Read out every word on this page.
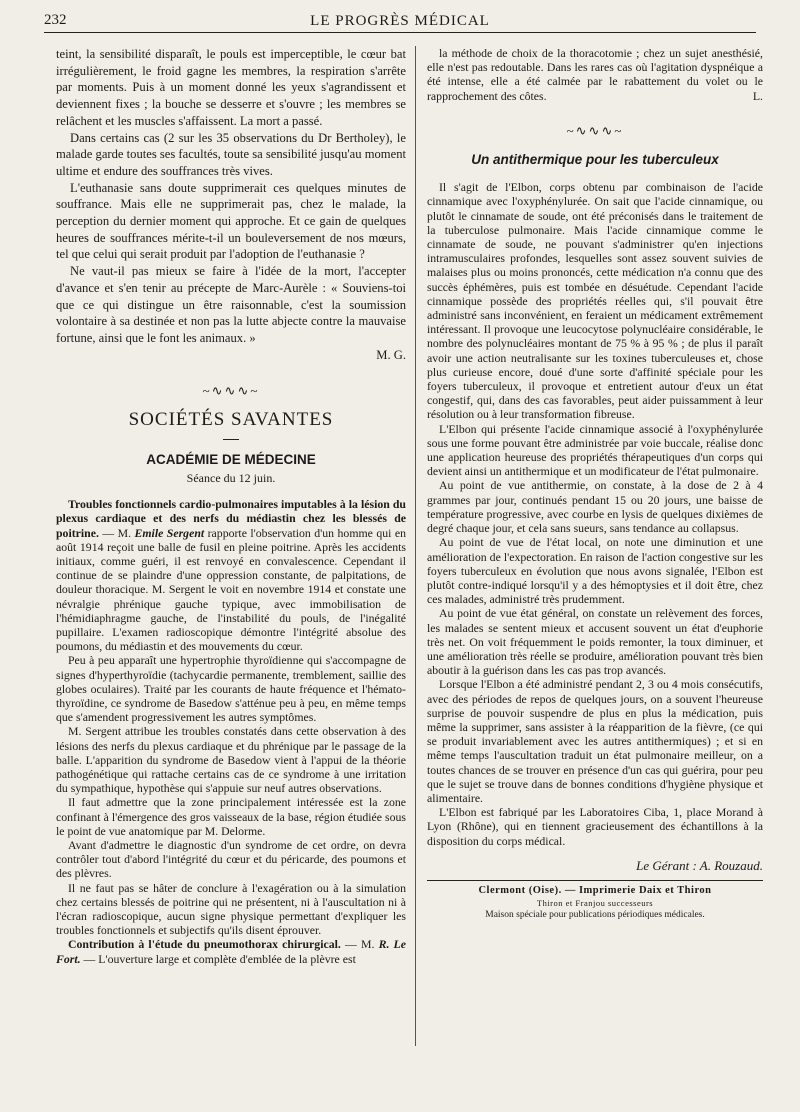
232	LE PROGRÈS MÉDICAL

teint, la sensibilité disparaît, le pouls est imperceptible, le cœur bat irrégulièrement, le froid gagne les membres, la respiration s'arrête par moments. Puis à un moment donné les yeux s'agrandissent et deviennent fixes ; la bouche se desserre et s'ouvre ; les membres se relâchent et les muscles s'affaissent. La mort a passé.

Dans certains cas (2 sur les 35 observations du Dr Bertholey), le malade garde toutes ses facultés, toute sa sensibilité jusqu'au moment ultime et endure des souffrances très vives.

L'euthanasie sans doute supprimerait ces quelques minutes de souffrance. Mais elle ne supprimerait pas, chez le malade, la perception du dernier moment qui approche. Et ce gain de quelques heures de souffrances mérite-t-il un bouleversement de nos mœurs, tel que celui qui serait produit par l'adoption de l'euthanasie ?

Ne vaut-il pas mieux se faire à l'idée de la mort, l'accepter d'avance et s'en tenir au précepte de Marc-Aurèle : « Souviens-toi que ce qui distingue un être raisonnable, c'est la soumission volontaire à sa destinée et non pas la lutte abjecte contre la mauvaise fortune, ainsi que le font les animaux. »

M. G.
~∿∿∿~
SOCIÉTÉS SAVANTES
ACADÉMIE DE MÉDECINE
Séance du 12 juin.

Troubles fonctionnels cardio-pulmonaires imputables à la lésion du plexus cardiaque et des nerfs du médiastin chez les blessés de poitrine. — M. Emile Sergent rapporte l'observation d'un homme qui en août 1914 reçoit une balle de fusil en pleine poitrine. Après les accidents initiaux, comme guéri, il est renvoyé en convalescence. Cependant il continue de se plaindre d'une oppression constante, de palpitations, de douleur thoracique. M. Sergent le voit en novembre 1914 et constate une névralgie phrénique gauche typique, avec immobilisation de l'hémidiaphragme gauche, de l'instabilité du pouls, de l'inégalité pupillaire. L'examen radioscopique démontre l'intégrité absolue des poumons, du médiastin et des mouvements du cœur.

Peu à peu apparaît une hypertrophie thyroïdienne qui s'accompagne de signes d'hyperthyroïdie (tachycardie permanente, tremblement, saillie des globes oculaires). Traité par les courants de haute fréquence et l'hémato-thyroïdine, ce syndrome de Basedow s'atténue peu à peu, en même temps que s'amendent progressivement les autres symptômes.

M. Sergent attribue les troubles constatés dans cette observation à des lésions des nerfs du plexus cardiaque et du phrénique par le passage de la balle. L'apparition du syndrome de Basedow vient à l'appui de la théorie pathogénétique qui rattache certains cas de ce syndrome à une irritation du sympathique, hypothèse qui s'appuie sur neuf autres observations.

Il faut admettre que la zone principalement intéressée est la zone confinant à l'émergence des gros vaisseaux de la base, région étudiée sous le point de vue anatomique par M. Delorme.

Avant d'admettre le diagnostic d'un syndrome de cet ordre, on devra contrôler tout d'abord l'intégrité du cœur et du péricarde, des poumons et des plèvres.

Il ne faut pas se hâter de conclure à l'exagération ou à la simulation chez certains blessés de poitrine qui ne présentent, ni à l'auscultation ni à l'écran radioscopique, aucun signe physique permettant d'expliquer les troubles fonctionnels et subjectifs qu'ils disent éprouver.

Contribution à l'étude du pneumothorax chirurgical. — M. R. Le Fort. — L'ouverture large et complète d'emblée de la plèvre est

la méthode de choix de la thoracotomie ; chez un sujet anesthésié, elle n'est pas redoutable. Dans les rares cas où l'agitation dyspnéique a été intense, elle a été calmée par le rabattement du volet ou le rapprochement des côtes.	L.

~∿∿∿~
Un antithermique pour les tuberculeux

Il s'agit de l'Elbon, corps obtenu par combinaison de l'acide cinnamique avec l'oxyphénylurée. On sait que l'acide cinnamique, ou plutôt le cinnamate de soude, ont été préconisés dans le traitement de la tuberculose pulmonaire. Mais l'acide cinnamique comme le cinnamate de soude, ne pouvant s'administrer qu'en injections intramusculaires profondes, lesquelles sont assez souvent suivies de malaises plus ou moins prononcés, cette médication n'a connu que des succès éphémères, puis est tombée en désuétude. Cependant l'acide cinnamique possède des propriétés réelles qui, s'il pouvait être administré sans inconvénient, en feraient un médicament extrêmement intéressant. Il provoque une leucocytose polynucléaire considérable, le nombre des polynucléaires montant de 75 % à 95 % ; de plus il paraît avoir une action neutralisante sur les toxines tuberculeuses et, chose plus curieuse encore, doué d'une sorte d'affinité spéciale pour les foyers tuberculeux, il provoque et entretient autour d'eux un état congestif, qui, dans des cas favorables, peut aider puissamment à leur résolution ou à leur transformation fibreuse.

L'Elbon qui présente l'acide cinnamique associé à l'oxyphénylurée sous une forme pouvant être administrée par voie buccale, réalise donc une application heureuse des propriétés thérapeutiques d'un corps qui devient ainsi un antithermique et un modificateur de l'état pulmonaire.

Au point de vue antithermie, on constate, à la dose de 2 à 4 grammes par jour, continués pendant 15 ou 20 jours, une baisse de température progressive, avec courbe en lysis de quelques dixièmes de degré chaque jour, et cela sans sueurs, sans tendance au collapsus.

Au point de vue de l'état local, on note une diminution et une amélioration de l'expectoration. En raison de l'action congestive sur les foyers tuberculeux en évolution que nous avons signalée, l'Elbon est plutôt contre-indiqué lorsqu'il y a des hémoptysies et il doit être, chez ces malades, administré très prudemment.

Au point de vue état général, on constate un relèvement des forces, les malades se sentent mieux et accusent souvent un état d'euphorie très net. On voit fréquemment le poids remonter, la toux diminuer, et une amélioration très réelle se produire, amélioration pouvant très bien aboutir à la guérison dans les cas pas trop avancés.

Lorsque l'Elbon a été administré pendant 2, 3 ou 4 mois consécutifs, avec des périodes de repos de quelques jours, on a souvent l'heureuse surprise de pouvoir suspendre de plus en plus la médication, puis même la supprimer, sans assister à la réapparition de la fièvre, (ce qui se produit invariablement avec les autres antithermiques) ; et si en même temps l'auscultation traduit un état pulmonaire meilleur, on a toutes chances de se trouver en présence d'un cas qui guérira, pour peu que le sujet se trouve dans de bonnes conditions d'hygiène physique et alimentaire.

L'Elbon est fabriqué par les Laboratoires Ciba, 1, place Morand à Lyon (Rhône), qui en tiennent gracieusement des échantillons à la disposition du corps médical.

Le Gérant : A. Rouzaud.
Clermont (Oise). — Imprimerie Daix et Thiron
Thiron et Franjou successeurs
Maison spéciale pour publications périodiques médicales.
